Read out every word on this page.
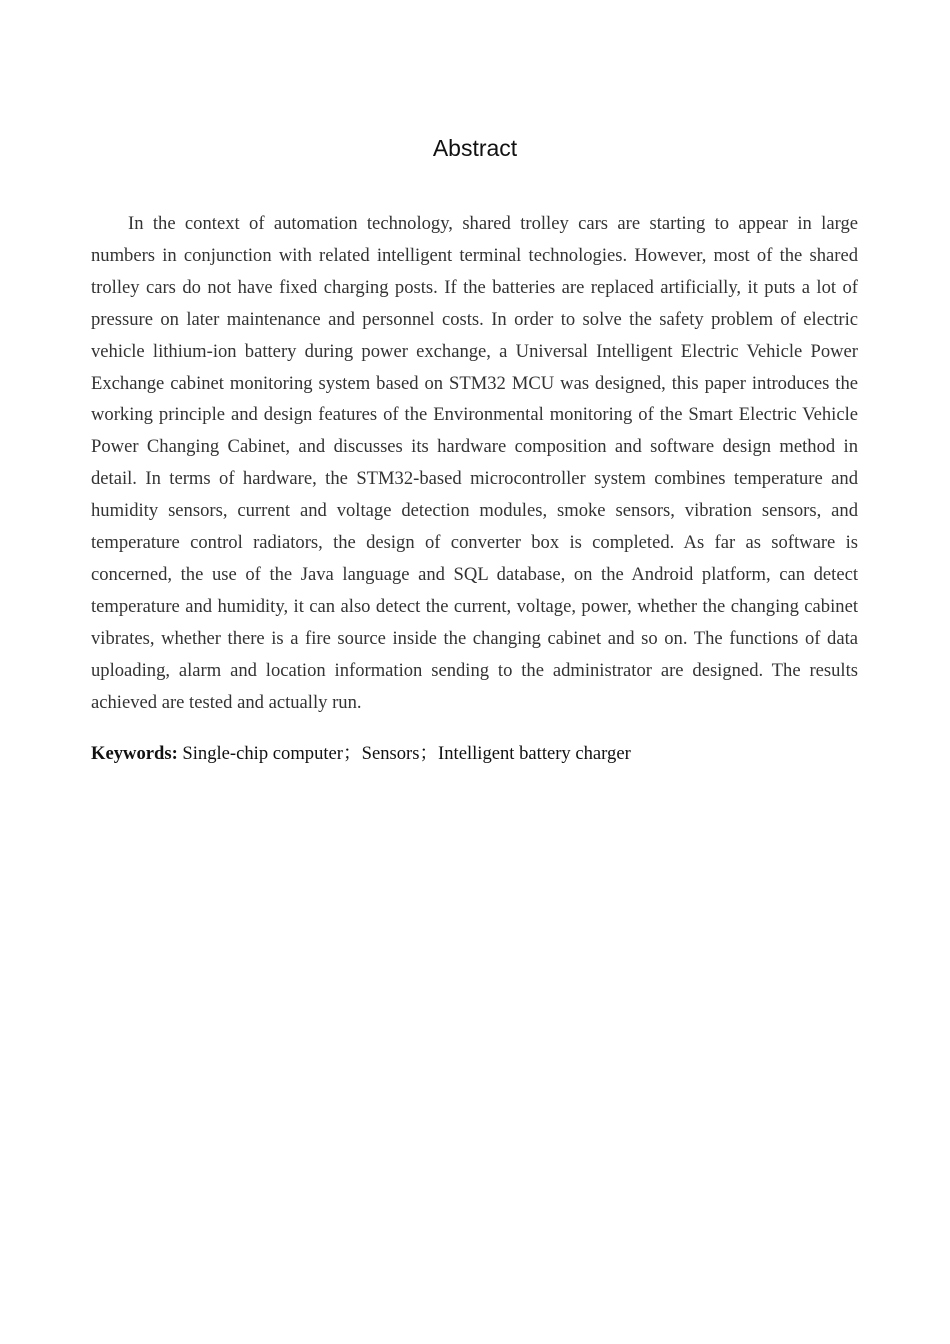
Abstract

In the context of automation technology, shared trolley cars are starting to appear in large numbers in conjunction with related intelligent terminal technologies. However, most of the shared trolley cars do not have fixed charging posts. If the batteries are replaced artificially, it puts a lot of pressure on later maintenance and personnel costs. In order to solve the safety problem of electric vehicle lithium-ion battery during power exchange, a Universal Intelligent Electric Vehicle Power Exchange cabinet monitoring system based on STM32 MCU was designed, this paper introduces the working principle and design features of the Environmental monitoring of the Smart Electric Vehicle Power Changing Cabinet, and discusses its hardware composition and software design method in detail. In terms of hardware, the STM32-based microcontroller system combines temperature and humidity sensors, current and voltage detection modules, smoke sensors, vibration sensors, and temperature control radiators, the design of converter box is completed. As far as software is concerned, the use of the Java language and SQL database, on the Android platform, can detect temperature and humidity, it can also detect the current, voltage, power, whether the changing cabinet vibrates, whether there is a fire source inside the changing cabinet and so on. The functions of data uploading, alarm and location information sending to the administrator are designed. The results achieved are tested and actually run.

Keywords: Single-chip computer；Sensors；Intelligent battery charger
